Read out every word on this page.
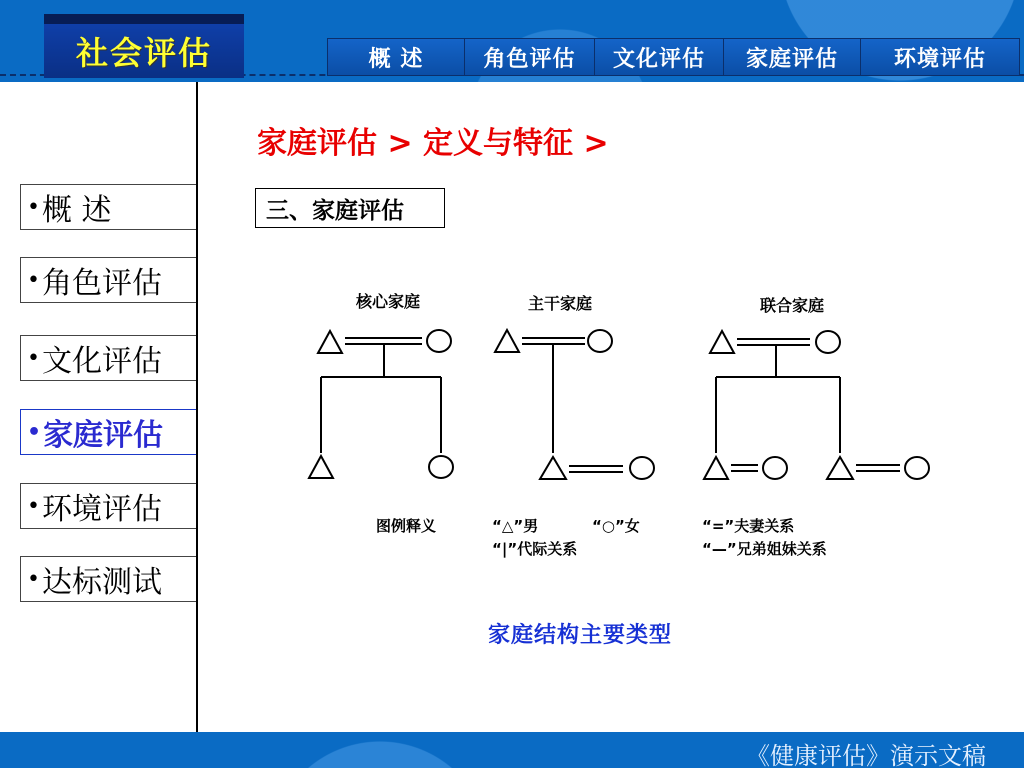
社会评估	概 述	角色评估	文化评估	家庭评估	环境评估
• 概 述
• 角色评估
• 文化评估
• 家庭评估
• 环境评估
• 达标测试
家庭评估 > 定义与特征 >
三、家庭评估
核心家庭	主干家庭	联合家庭
图例释义	“△”男	“○”女
“|”代际关系
“=”夫妻关系
“—”兄弟姐妹关系
家庭结构主要类型
《健康评估》演示文稿
